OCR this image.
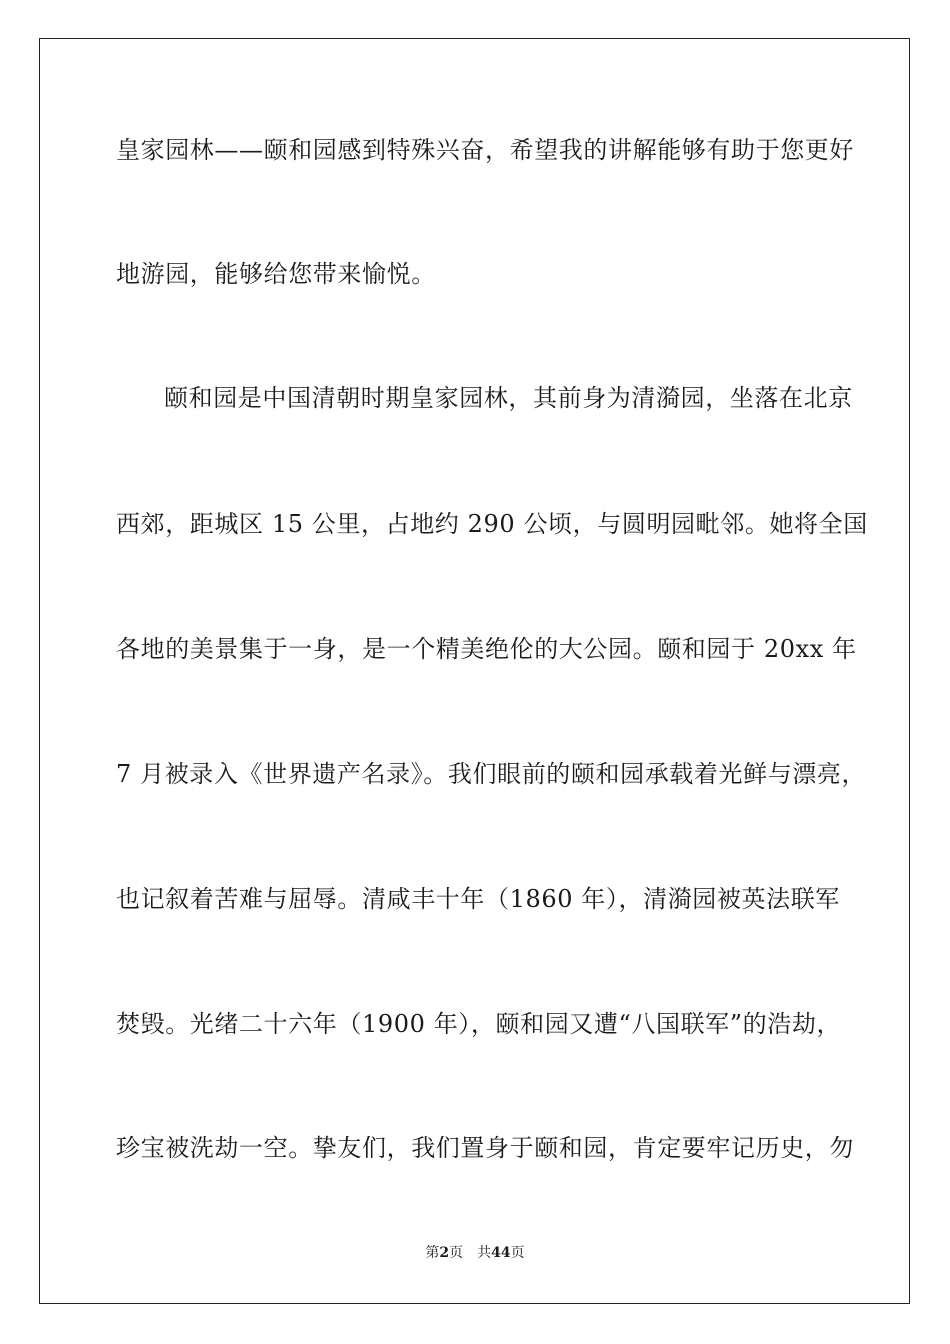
皇家园林——颐和园感到特殊兴奋，希望我的讲解能够有助于您更好
地游园，能够给您带来愉悦。
颐和园是中国清朝时期皇家园林，其前身为清漪园，坐落在北京
西郊，距城区 15 公里，占地约 290 公顷，与圆明园毗邻。她将全国
各地的美景集于一身，是一个精美绝伦的大公园。颐和园于 20xx 年
7 月被录入《世界遗产名录》。我们眼前的颐和园承载着光鲜与漂亮，
也记叙着苦难与屈辱。清咸丰十年（1860 年），清漪园被英法联军
焚毁。光绪二十六年（1900 年），颐和园又遭“八国联军”的浩劫，
珍宝被洗劫一空。挚友们，我们置身于颐和园，肯定要牢记历史，勿
第2页　共44页
